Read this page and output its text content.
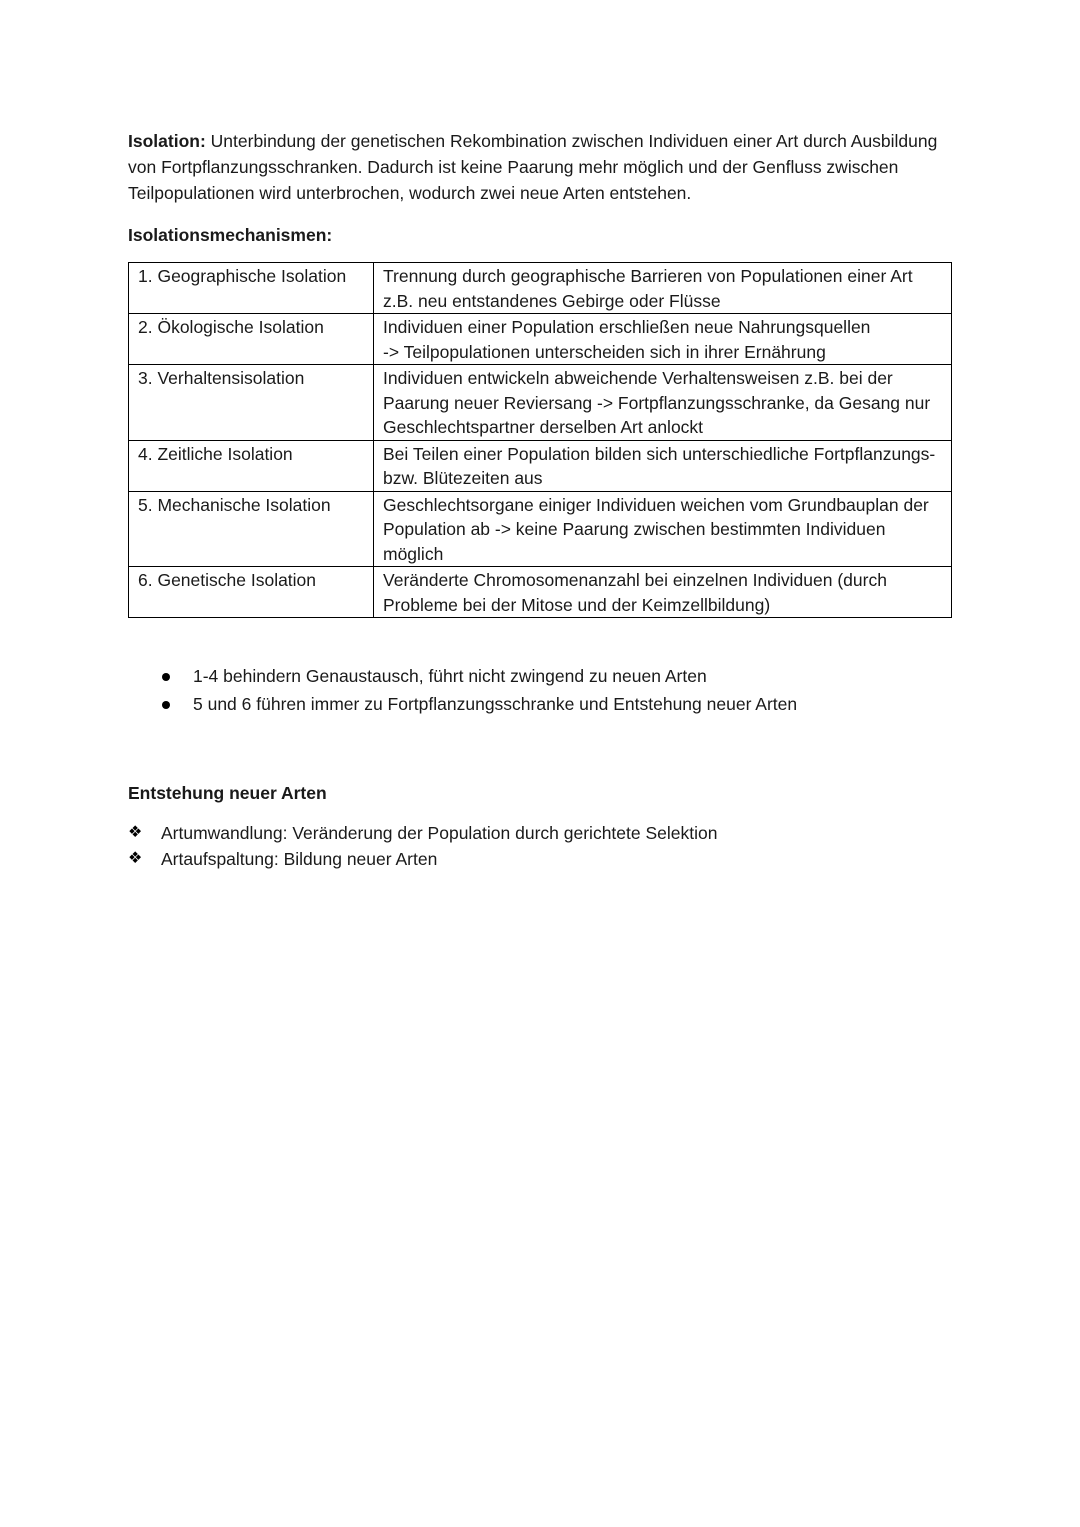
Isolation: Unterbindung der genetischen Rekombination zwischen Individuen einer Art durch Ausbildung von Fortpflanzungsschranken. Dadurch ist keine Paarung mehr möglich und der Genfluss zwischen Teilpopulationen wird unterbrochen, wodurch zwei neue Arten entstehen.

Isolationsmechanismen:

1. Geographische Isolation	Trennung durch geographische Barrieren von Populationen einer Art z.B. neu entstandenes Gebirge oder Flüsse
2. Ökologische Isolation	Individuen einer Population erschließen neue Nahrungsquellen
-> Teilpopulationen unterscheiden sich in ihrer Ernährung
3. Verhaltensisolation	Individuen entwickeln abweichende Verhaltensweisen z.B. bei der Paarung neuer Reviersang -> Fortpflanzungsschranke, da Gesang nur Geschlechtspartner derselben Art anlockt
4. Zeitliche Isolation	Bei Teilen einer Population bilden sich unterschiedliche Fortpflanzungs- bzw. Blütezeiten aus
5. Mechanische Isolation	Geschlechtsorgane einiger Individuen weichen vom Grundbauplan der Population ab -> keine Paarung zwischen bestimmten Individuen möglich
6. Genetische Isolation	Veränderte Chromosomenanzahl bei einzelnen Individuen (durch Probleme bei der Mitose und der Keimzellbildung)
1-4 behindern Genaustausch, führt nicht zwingend zu neuen Arten
5 und 6 führen immer zu Fortpflanzungsschranke und Entstehung neuer Arten

Entstehung neuer Arten

❖ Artumwandlung: Veränderung der Population durch gerichtete Selektion
❖ Artaufspaltung: Bildung neuer Arten
